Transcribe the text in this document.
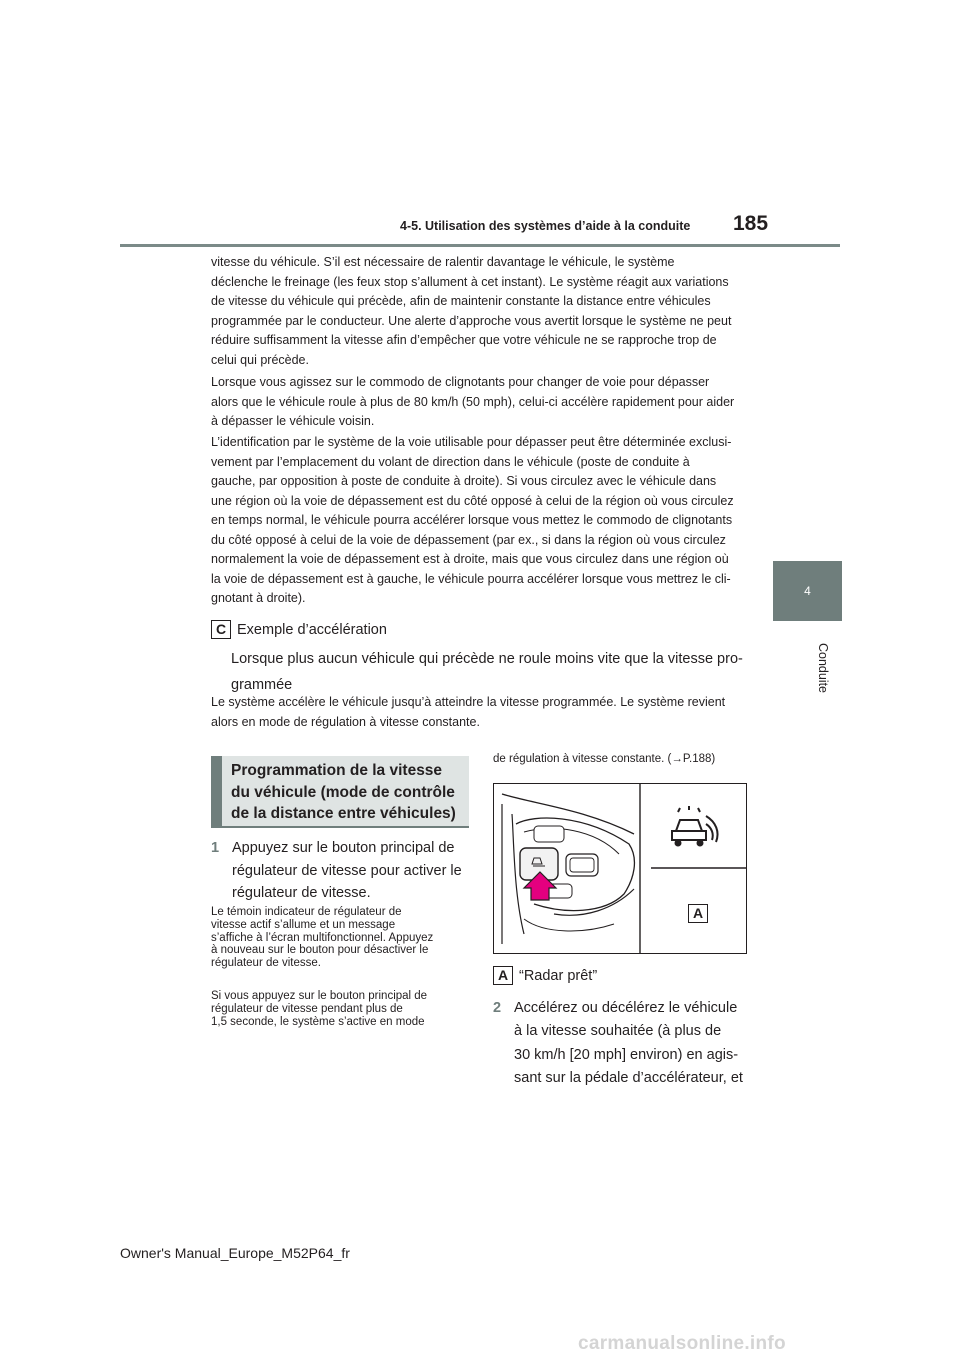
4-5. Utilisation des systèmes d’aide à la conduite 185
4
Conduite

vitesse du véhicule. S’il est nécessaire de ralentir davantage le véhicule, le système
déclenche le freinage (les feux stop s’allument à cet instant). Le système réagit aux variations
de vitesse du véhicule qui précède, afin de maintenir constante la distance entre véhicules
programmée par le conducteur. Une alerte d’approche vous avertit lorsque le système ne peut
réduire suffisamment la vitesse afin d’empêcher que votre véhicule ne se rapproche trop de
celui qui précède.

Lorsque vous agissez sur le commodo de clignotants pour changer de voie pour dépasser
alors que le véhicule roule à plus de 80 km/h (50 mph), celui-ci accélère rapidement pour aider
à dépasser le véhicule voisin.

L’identification par le système de la voie utilisable pour dépasser peut être déterminée exclusi-
vement par l’emplacement du volant de direction dans le véhicule (poste de conduite à
gauche, par opposition à poste de conduite à droite). Si vous circulez avec le véhicule dans
une région où la voie de dépassement est du côté opposé à celui de la région où vous circulez
en temps normal, le véhicule pourra accélérer lorsque vous mettez le commodo de clignotants
du côté opposé à celui de la voie de dépassement (par ex., si dans la région où vous circulez
normalement la voie de dépassement est à droite, mais que vous circulez dans une région où
la voie de dépassement est à gauche, le véhicule pourra accélérer lorsque vous mettrez le cli-
gnotant à droite).

C Exemple d’accélération
Lorsque plus aucun véhicule qui précède ne roule moins vite que la vitesse pro-
grammée

Le système accélère le véhicule jusqu’à atteindre la vitesse programmée. Le système revient
alors en mode de régulation à vitesse constante.

Programmation de la vitesse
du véhicule (mode de contrôle
de la distance entre véhicules)
1 Appuyez sur le bouton principal de
régulateur de vitesse pour activer le
régulateur de vitesse.
Le témoin indicateur de régulateur de
vitesse actif s’allume et un message
s’affiche à l’écran multifonctionnel. Appuyez
à nouveau sur le bouton pour désactiver le
régulateur de vitesse.
Si vous appuyez sur le bouton principal de
régulateur de vitesse pendant plus de
1,5 seconde, le système s’active en mode
de régulation à vitesse constante. (→P.188)
A
A “Radar prêt”
2 Accélérez ou décélérez le véhicule
à la vitesse souhaitée (à plus de
30 km/h [20 mph] environ) en agis-
sant sur la pédale d’accélérateur, et
Owner's Manual_Europe_M52P64_fr
carmanualsonline.info
